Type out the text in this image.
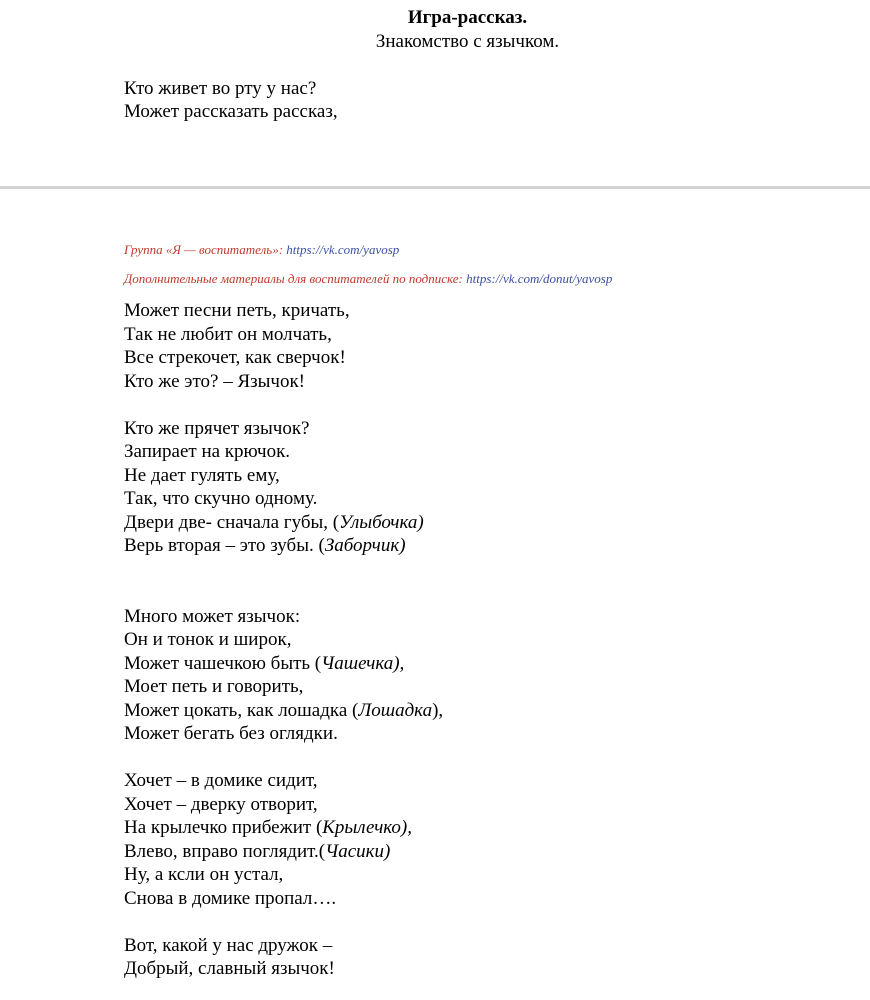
Игра-рассказ.
Знакомство с язычком.
Кто живет во рту у нас?
Может рассказать рассказ,
Группа «Я — воспитатель»: https://vk.com/yavosp
Дополнительные материалы для воспитателей по подписке: https://vk.com/donut/yavosp
Может песни петь, кричать,
Так не любит он молчать,
Все стрекочет, как сверчок!
Кто же это? – Язычок!
Кто же прячет язычок?
Запирает на крючок.
Не дает гулять ему,
Так, что скучно одному.
Двери две- сначала губы, (Улыбочка)
Верь вторая – это зубы. (Заборчик)
Много может язычок:
Он и тонок и широк,
Может чашечкою быть (Чашечка),
Моет петь и говорить,
Может цокать, как лошадка (Лошадка),
Может бегать без оглядки.
Хочет – в домике сидит,
Хочет – дверку отворит,
На крылечко прибежит (Крылечко),
Влево, вправо поглядит.(Часики)
Ну, а ксли он устал,
Снова в домике пропал….
Вот, какой у нас дружок –
Добрый, славный язычок!
